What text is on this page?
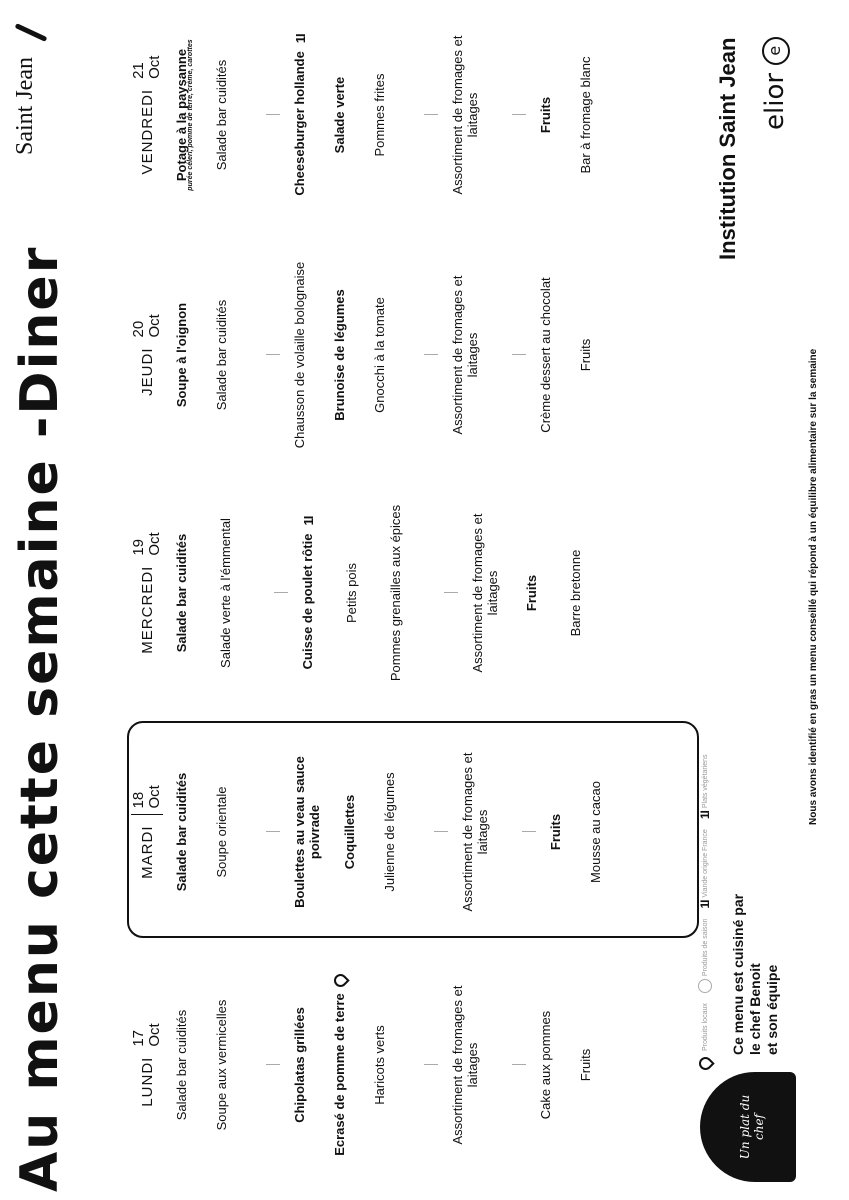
Au menu cette semaine -Diner
Saint Jean
LUNDI
17
Oct Salade bar cuidités	Soupe aux vermicelles	Chipolatas grillées	Ecrasé de pomme de terre	Haricots verts	Assortiment de fromages et laitages	Cake aux pommes	Fruits
MARDI
18
Oct Salade bar cuidités	Soupe orientale	Boulettes au veau sauce poivrade Coquillettes	Julienne de légumes	Assortiment de fromages et laitages	Fruits	Mousse au cacao
MERCREDI
19
Oct Salade bar cuidités	Salade verte à l'émmental	Cuisse de poulet rôtie1I
Petits pois	Pommes grenailles aux épices	Assortiment de fromages et laitages Fruits	Barre bretonne
JEUDI
20
Oct Soupe à l'oignon	Salade bar cuidités	Chausson de volaille bolognaise	Brunoise de légumes	Gnocchi à la tomate	Assortiment de fromages et laitages	Crème dessert au chocolat	Fruits
VENDREDI
21
Oct Potage à la paysanne
purée céleri, pomme de terre, crème, carottes Salade bar cuidités	Cheeseburger hollande1I
Salade verte	Pommes frites	Assortiment de fromages et laitages	Fruits	Bar à fromage blanc
Un plat du chef
Produits locaux
Produits de saison
1I
Viande origine France
1I
Plats végétariens
Ce menu est cuisiné par le chef Benoit et son équipe
Nous avons identifié en gras un menu conseillé qui répond à un équilibre alimentaire sur la semaine
Institution Saint Jean elior e
